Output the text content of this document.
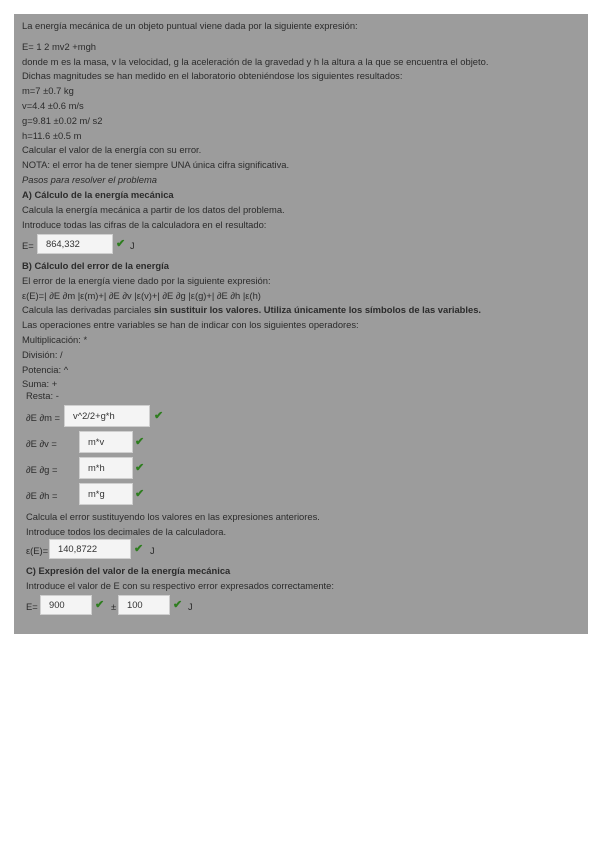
La energía mecánica de un objeto puntual viene dada por la siguiente expresión:
E= 1 2 mv2 +mgh
donde m es la masa, v la velocidad, g la aceleración de la gravedad y h la altura a la que se encuentra el objeto.
Dichas magnitudes se han medido en el laboratorio obteniéndose los siguientes resultados:
m=7 ±0.7 kg
v=4.4 ±0.6 m/s
g=9.81 ±0.02 m/ s2
h=11.6 ±0.5 m
Calcular el valor de la energía con su error.
NOTA: el error ha de tener siempre UNA única cifra significativa.
Pasos para resolver el problema
A) Cálculo de la energía mecánica
Calcula la energía mecánica a partir de los datos del problema.
Introduce todas las cifras de la calculadora en el resultado:
E=	864,332	✔ J
B) Cálculo del error de la energía
El error de la energía viene dado por la siguiente expresión:
ε(E)=| ∂E ∂m |ε(m)+| ∂E ∂v |ε(v)+| ∂E ∂g |ε(g)+| ∂E ∂h |ε(h)
Calcula las derivadas parciales sin sustituir los valores. Utiliza únicamente los símbolos de las variables.
Las operaciones entre variables se han de indicar con los siguientes operadores:
Multiplicación: *
División: /
Potencia: ^
Suma: +
Resta: -
∂E ∂m =	v^2/2+g*h	✔
∂E ∂v =	m*v	✔
∂E ∂g =	m*h	✔
∂E ∂h =	m*g	✔
Calcula el error sustituyendo los valores en las expresiones anteriores.
Introduce todos los decimales de la calculadora.
ε(E)=	140,8722	✔ J
C) Expresión del valor de la energía mecánica
Introduce el valor de E con su respectivo error expresados correctamente:
E=	900	✔ ±	100	✔ J
